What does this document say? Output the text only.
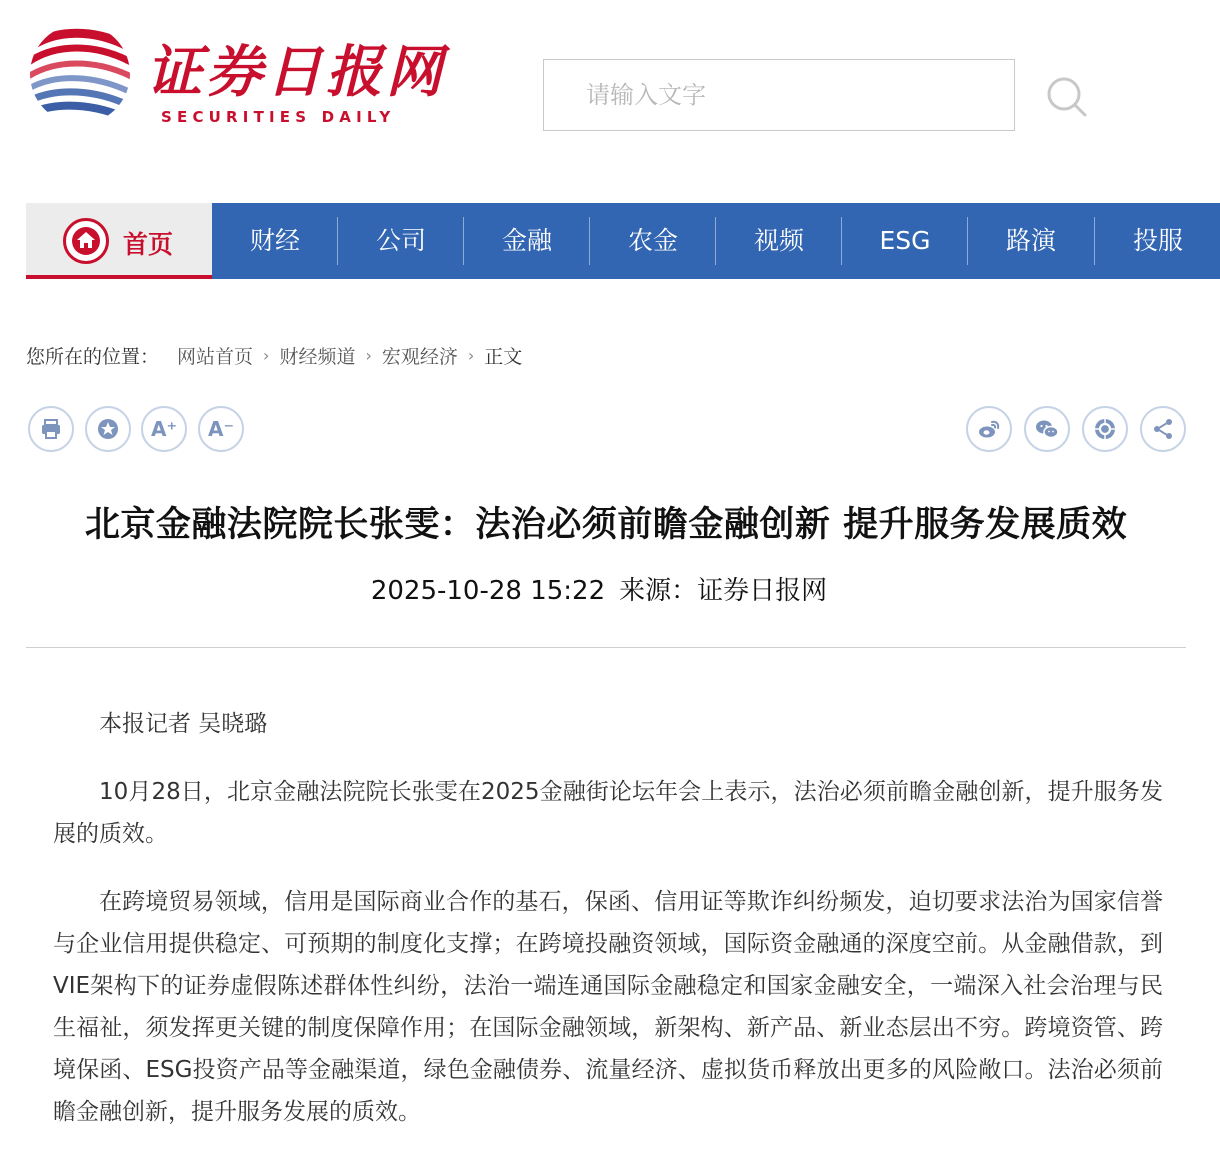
证券日报网
SECURITIES DAILY
请输入文字
首页	财经	公司	金融	农金	视频	ESG	路演	投服
您所在的位置： 网站首页 › 财经频道 › 宏观经济 › 正文
A⁺ A⁻
北京金融法院院长张雯：法治必须前瞻金融创新 提升服务发展质效
2025-10-28 15:22 来源：证券日报网

本报记者 吴晓璐

10月28日，北京金融法院院长张雯在2025金融街论坛年会上表示，法治必须前瞻金融创新，提升服务发展的质效。

在跨境贸易领域，信用是国际商业合作的基石，保函、信用证等欺诈纠纷频发，迫切要求法治为国家信誉与企业信用提供稳定、可预期的制度化支撑；在跨境投融资领域，国际资金融通的深度空前。从金融借款，到VIE架构下的证券虚假陈述群体性纠纷，法治一端连通国际金融稳定和国家金融安全，一端深入社会治理与民生福祉，须发挥更关键的制度保障作用；在国际金融领域，新架构、新产品、新业态层出不穷。跨境资管、跨境保函、ESG投资产品等金融渠道，绿色金融债券、流量经济、虚拟货币释放出更多的风险敞口。法治必须前瞻金融创新，提升服务发展的质效。
